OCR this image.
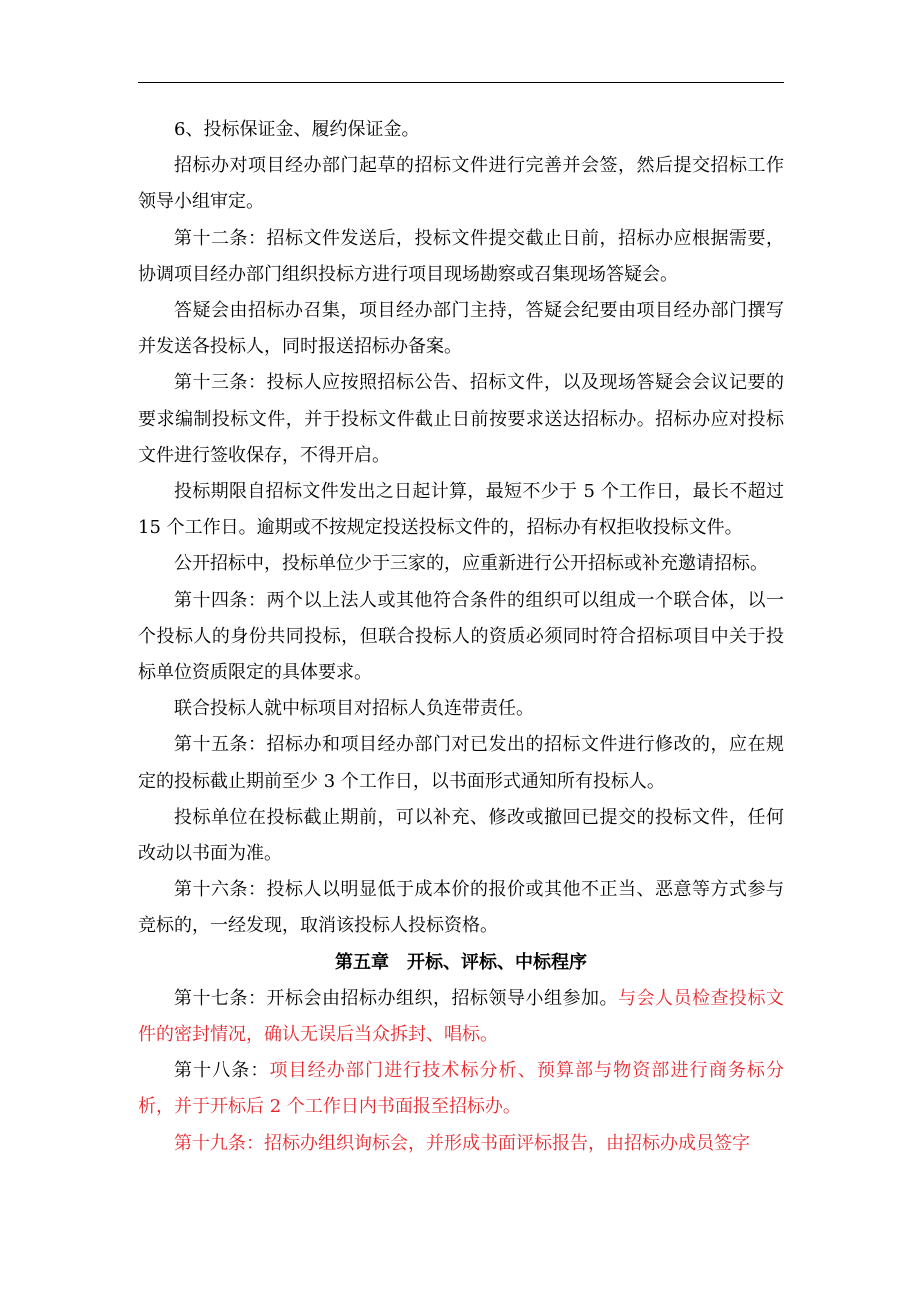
6、投标保证金、履约保证金。

招标办对项目经办部门起草的招标文件进行完善并会签，然后提交招标工作领导小组审定。

第十二条：招标文件发送后，投标文件提交截止日前，招标办应根据需要，协调项目经办部门组织投标方进行项目现场勘察或召集现场答疑会。

答疑会由招标办召集，项目经办部门主持，答疑会纪要由项目经办部门撰写并发送各投标人，同时报送招标办备案。

第十三条：投标人应按照招标公告、招标文件，以及现场答疑会会议记要的要求编制投标文件，并于投标文件截止日前按要求送达招标办。招标办应对投标文件进行签收保存，不得开启。

投标期限自招标文件发出之日起计算，最短不少于 5 个工作日，最长不超过 15 个工作日。逾期或不按规定投送投标文件的，招标办有权拒收投标文件。

公开招标中，投标单位少于三家的，应重新进行公开招标或补充邀请招标。

第十四条：两个以上法人或其他符合条件的组织可以组成一个联合体，以一个投标人的身份共同投标，但联合投标人的资质必须同时符合招标项目中关于投标单位资质限定的具体要求。

联合投标人就中标项目对招标人负连带责任。

第十五条：招标办和项目经办部门对已发出的招标文件进行修改的，应在规定的投标截止期前至少 3 个工作日，以书面形式通知所有投标人。

投标单位在投标截止期前，可以补充、修改或撤回已提交的投标文件，任何改动以书面为准。

第十六条：投标人以明显低于成本价的报价或其他不正当、恶意等方式参与竞标的，一经发现，取消该投标人投标资格。

第五章　开标、评标、中标程序

第十七条：开标会由招标办组织，招标领导小组参加。与会人员检查投标文件的密封情况，确认无误后当众拆封、唱标。

第十八条：项目经办部门进行技术标分析、预算部与物资部进行商务标分析，并于开标后 2 个工作日内书面报至招标办。

第十九条：招标办组织询标会，并形成书面评标报告，由招标办成员签字
